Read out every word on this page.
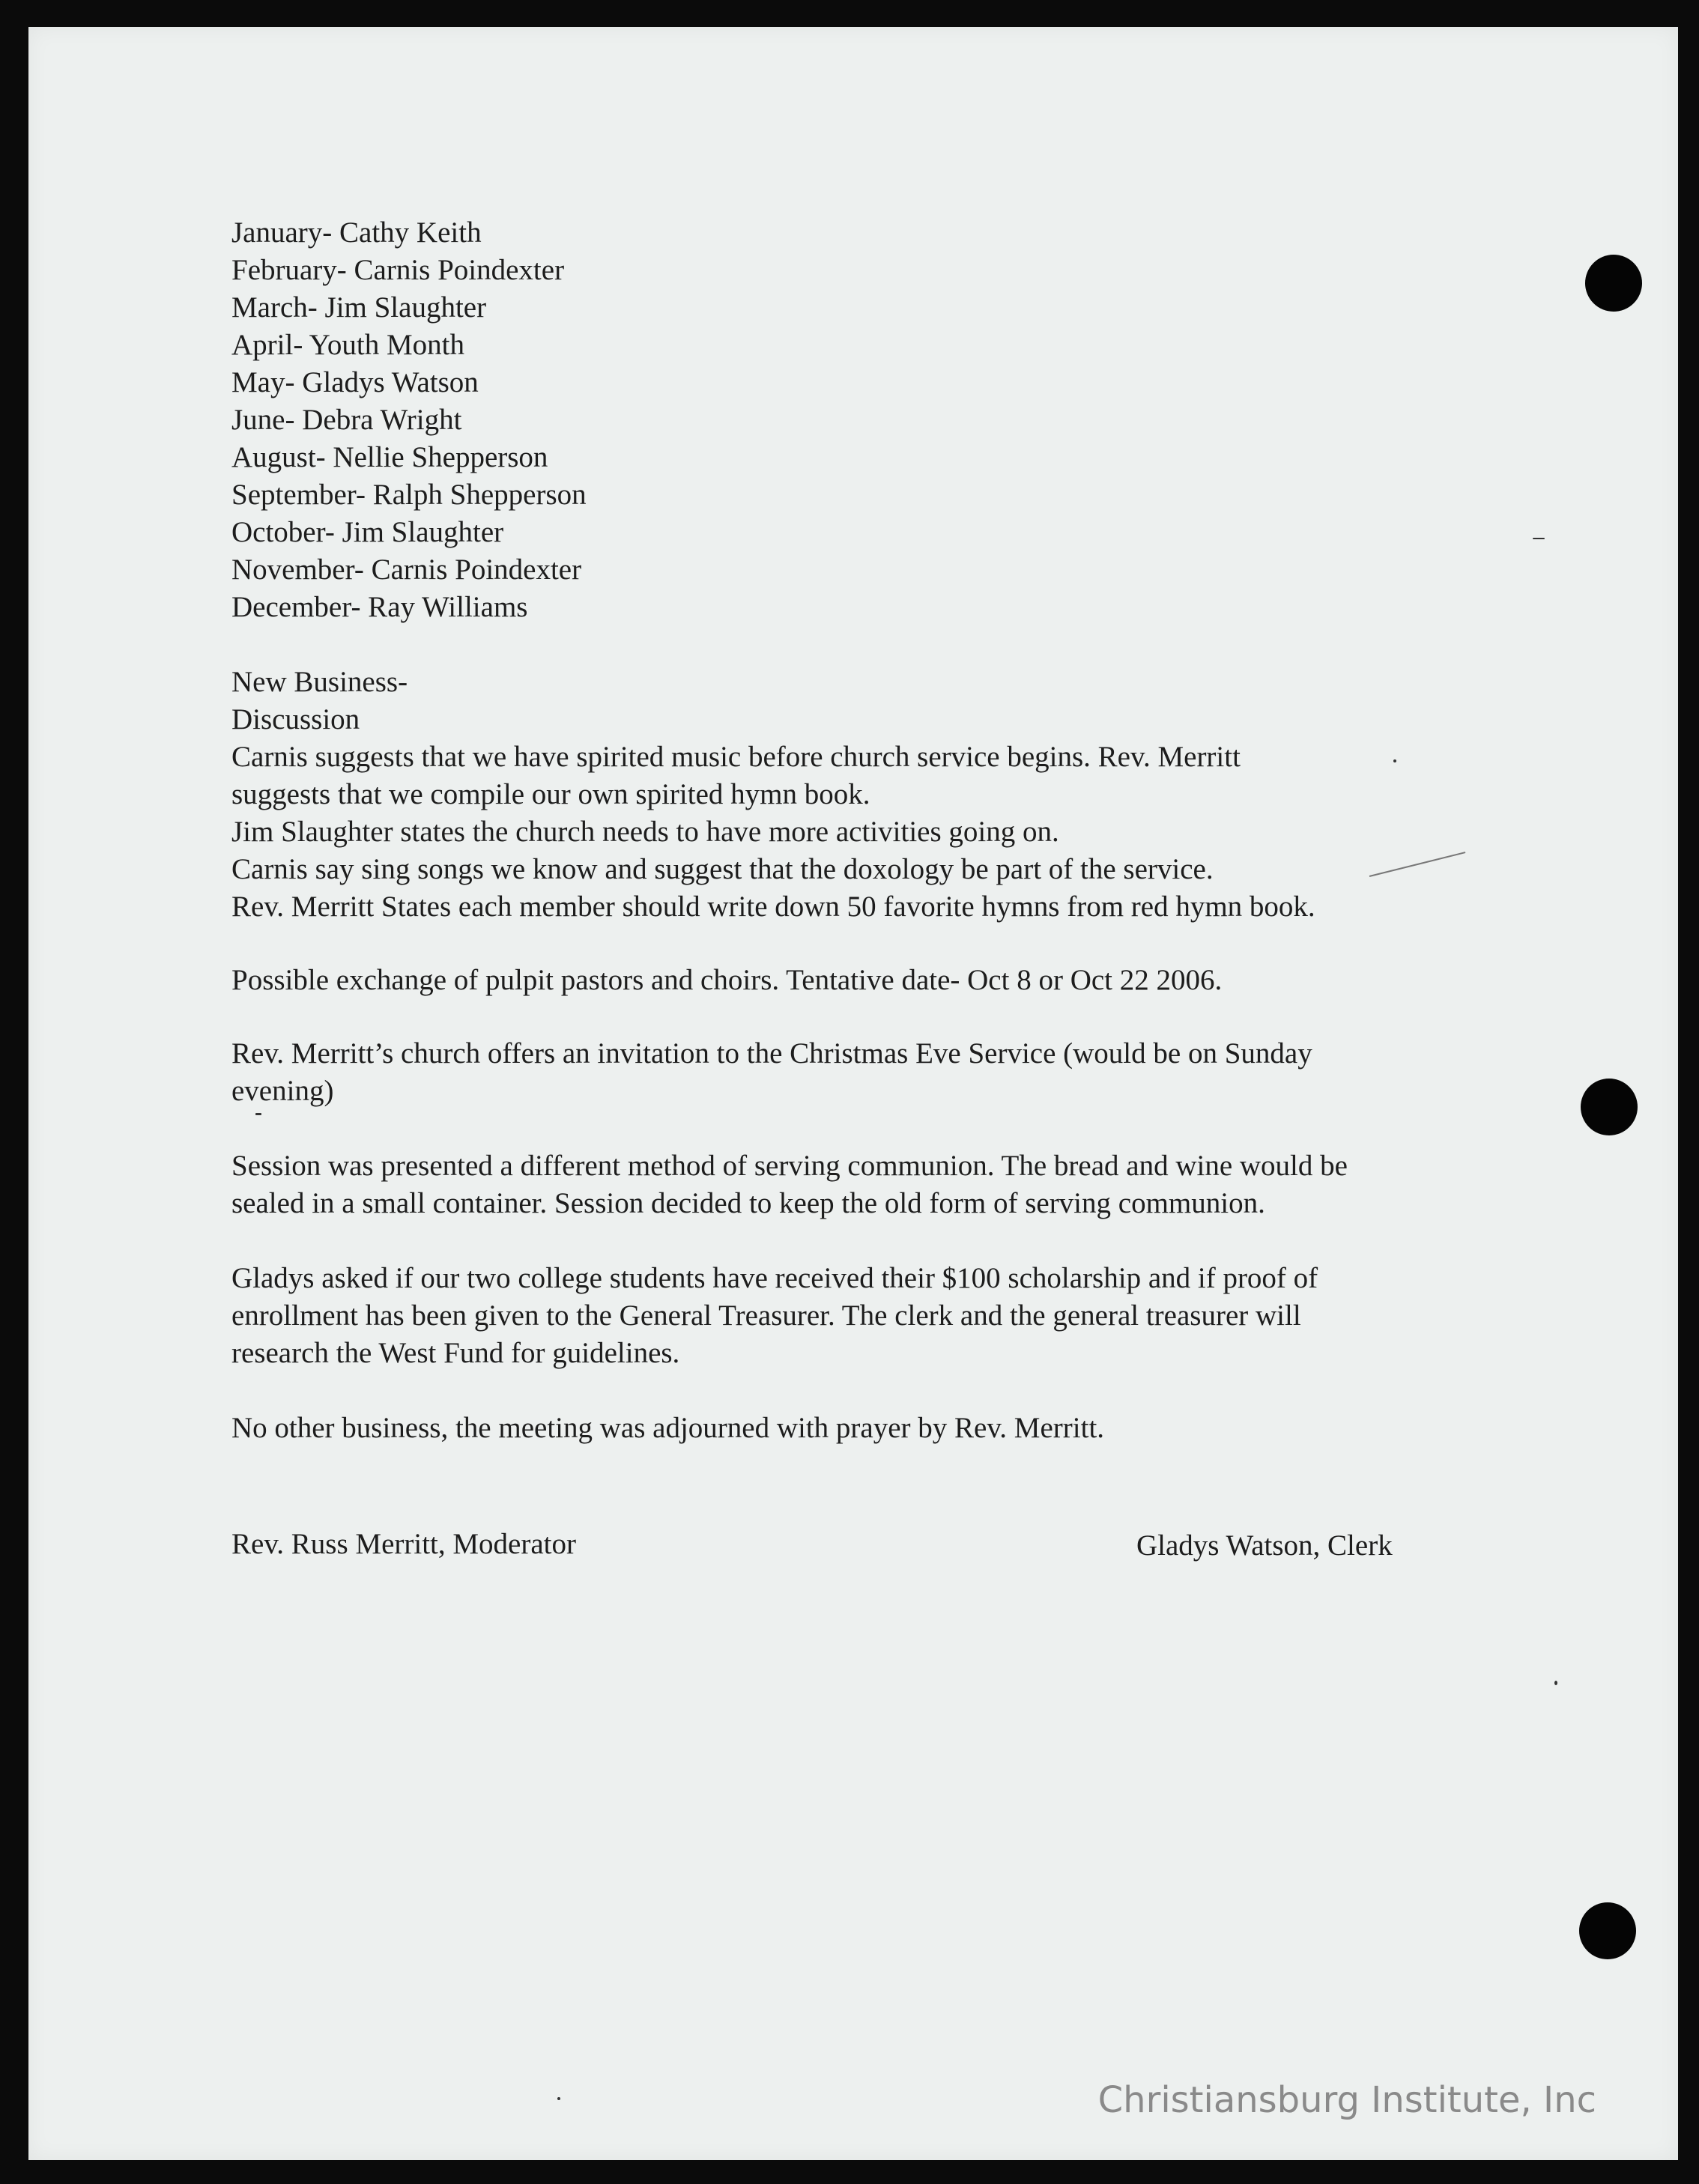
January- Cathy Keith
February- Carnis Poindexter
March- Jim Slaughter
April- Youth Month
May- Gladys Watson
June- Debra Wright
August- Nellie Shepperson
September- Ralph Shepperson
October- Jim Slaughter
November- Carnis Poindexter
December- Ray Williams
New Business-
Discussion
Carnis suggests that we have spirited music before church service begins. Rev. Merritt
suggests that we compile our own spirited hymn book.
Jim Slaughter states the church needs to have more activities going on.
Carnis say sing songs we know and suggest that the doxology be part of the service.
Rev. Merritt States each member should write down 50 favorite hymns from red hymn book.
Possible exchange of pulpit pastors and choirs. Tentative date- Oct 8 or Oct 22 2006.
Rev. Merritt’s church offers an invitation to the Christmas Eve Service (would be on Sunday
evening)
Session was presented a different method of serving communion. The bread and wine would be
sealed in a small container. Session decided to keep the old form of serving communion.
Gladys asked if our two college students have received their $100 scholarship and if proof of
enrollment has been given to the General Treasurer. The clerk and the general treasurer will
research the West Fund for guidelines.
No other business, the meeting was adjourned with prayer by Rev. Merritt.
Rev. Russ Merritt, Moderator	Gladys Watson, Clerk
Christiansburg Institute, Inc
